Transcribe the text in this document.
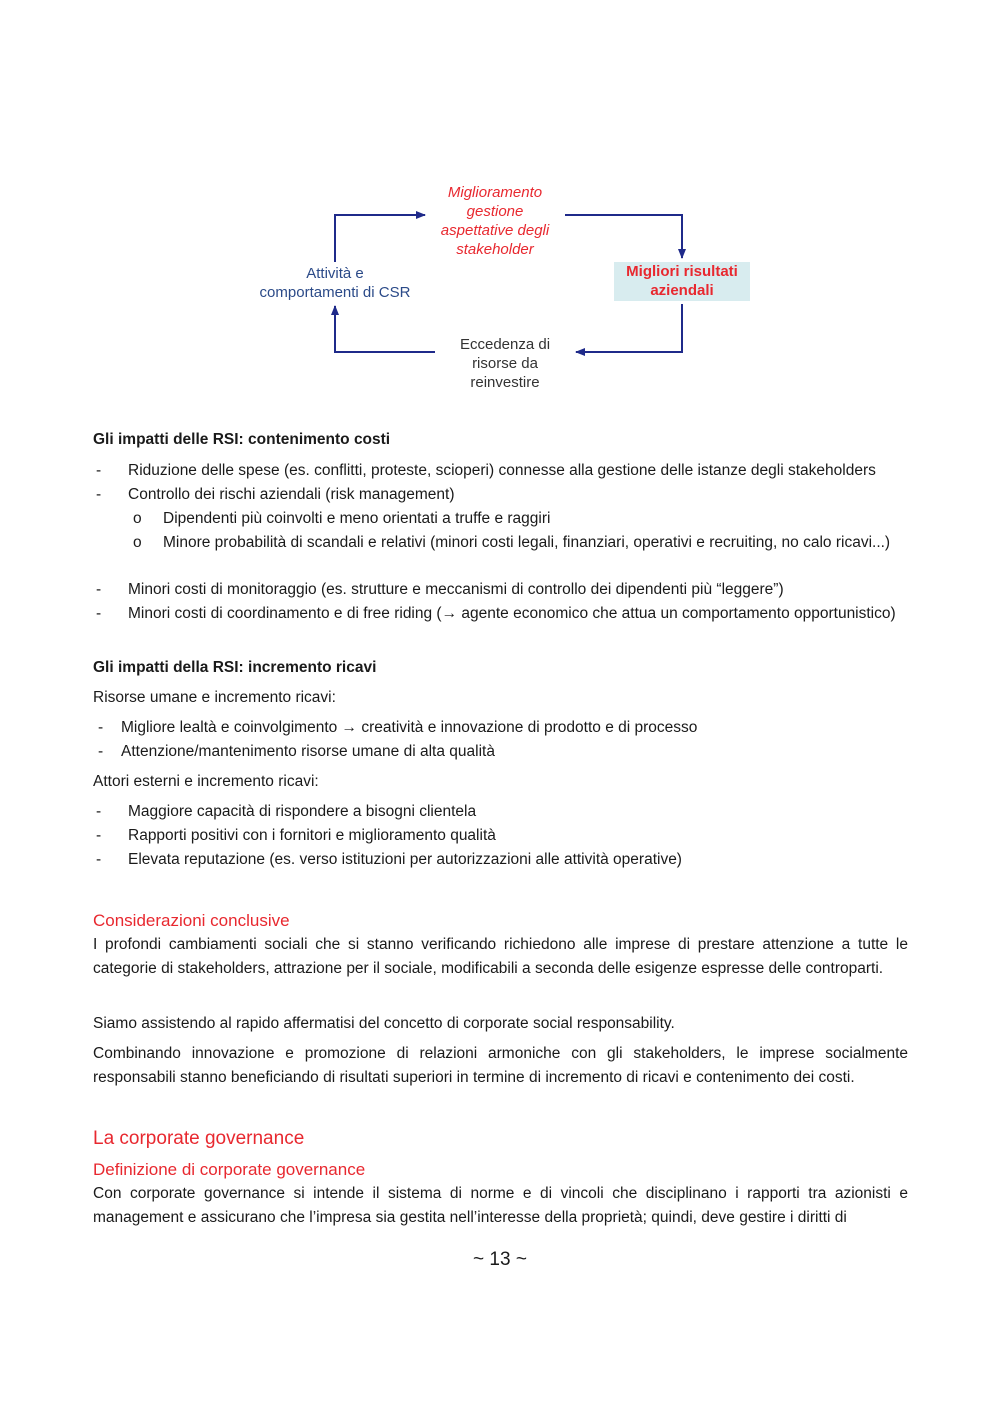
Miglioramento
gestione
aspettative degli
stakeholder
Migliori risultati
aziendali
Eccedenza di
risorse da
reinvestire
Attività e
comportamenti di CSR
Gli impatti delle RSI: contenimento costi
-	Riduzione delle spese (es. conflitti, proteste, scioperi) connesse alla gestione delle istanze degli stakeholders
-	Controllo dei rischi aziendali (risk management)
o	Dipendenti più coinvolti e meno orientati a truffe e raggiri
o	Minore probabilità di scandali e relativi (minori costi legali, finanziari, operativi e recruiting, no calo ricavi...)
-	Minori costi di monitoraggio (es. strutture e meccanismi di controllo dei dipendenti più “leggere”)
-	Minori costi di coordinamento e di free riding (→ agente economico che attua un comportamento opportunistico)
Gli impatti della RSI: incremento ricavi
Risorse umane e incremento ricavi:
-	Migliore lealtà e coinvolgimento → creatività e innovazione di prodotto e di processo
-	Attenzione/mantenimento risorse umane di alta qualità
Attori esterni e incremento ricavi:
-	Maggiore capacità di rispondere a bisogni clientela
-	Rapporti positivi con i fornitori e miglioramento qualità
-	Elevata reputazione (es. verso istituzioni per autorizzazioni alle attività operative)
Considerazioni conclusive
I profondi cambiamenti sociali che si stanno verificando richiedono alle imprese di prestare attenzione a tutte le categorie di stakeholders, attrazione per il sociale, modificabili a seconda delle esigenze espresse delle controparti.
Siamo assistendo al rapido affermatisi del concetto di corporate social responsability.
Combinando innovazione e promozione di relazioni armoniche con gli stakeholders, le imprese socialmente responsabili stanno beneficiando di risultati superiori in termine di incremento di ricavi e contenimento dei costi.
La corporate governance
Definizione di corporate governance
Con corporate governance si intende il sistema di norme e di vincoli che disciplinano i rapporti tra azionisti e management e assicurano che l’impresa sia gestita nell’interesse della proprietà; quindi, deve gestire i diritti di
~ 13 ~
